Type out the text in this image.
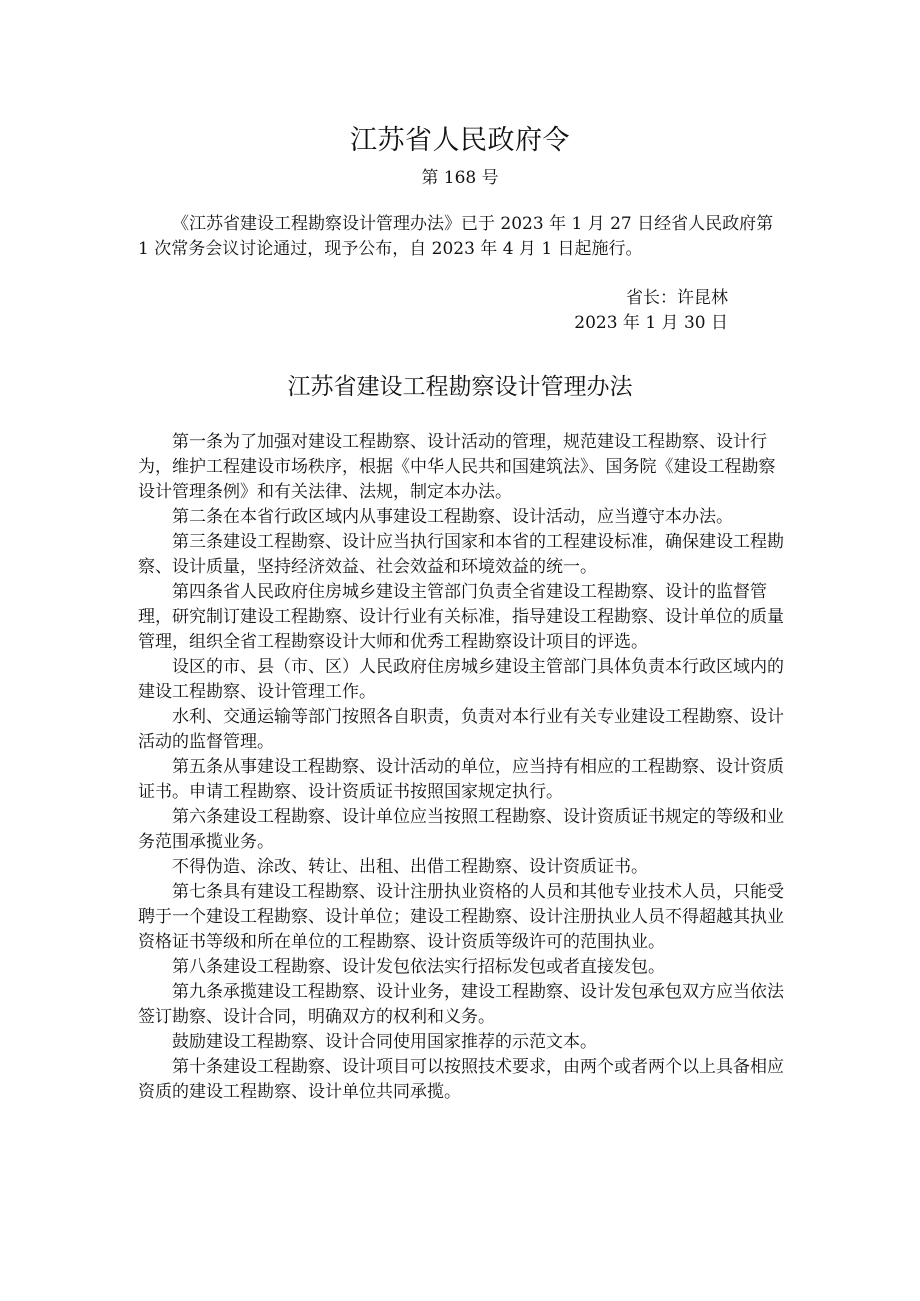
江苏省人民政府令
第 168 号

《江苏省建设工程勘察设计管理办法》已于 2023 年 1 月 27 日经省人民政府第 1 次常务会议讨论通过，现予公布，自 2023 年 4 月 1 日起施行。

省长：许昆林
2023 年 1 月 30 日
江苏省建设工程勘察设计管理办法

第一条为了加强对建设工程勘察、设计活动的管理，规范建设工程勘察、设计行为，维护工程建设市场秩序，根据《中华人民共和国建筑法》、国务院《建设工程勘察设计管理条例》和有关法律、法规，制定本办法。

第二条在本省行政区域内从事建设工程勘察、设计活动，应当遵守本办法。

第三条建设工程勘察、设计应当执行国家和本省的工程建设标准，确保建设工程勘察、设计质量，坚持经济效益、社会效益和环境效益的统一。

第四条省人民政府住房城乡建设主管部门负责全省建设工程勘察、设计的监督管理，研究制订建设工程勘察、设计行业有关标准，指导建设工程勘察、设计单位的质量管理，组织全省工程勘察设计大师和优秀工程勘察设计项目的评选。

设区的市、县（市、区）人民政府住房城乡建设主管部门具体负责本行政区域内的建设工程勘察、设计管理工作。

水利、交通运输等部门按照各自职责，负责对本行业有关专业建设工程勘察、设计活动的监督管理。

第五条从事建设工程勘察、设计活动的单位，应当持有相应的工程勘察、设计资质证书。申请工程勘察、设计资质证书按照国家规定执行。

第六条建设工程勘察、设计单位应当按照工程勘察、设计资质证书规定的等级和业务范围承揽业务。

不得伪造、涂改、转让、出租、出借工程勘察、设计资质证书。

第七条具有建设工程勘察、设计注册执业资格的人员和其他专业技术人员，只能受聘于一个建设工程勘察、设计单位；建设工程勘察、设计注册执业人员不得超越其执业资格证书等级和所在单位的工程勘察、设计资质等级许可的范围执业。

第八条建设工程勘察、设计发包依法实行招标发包或者直接发包。

第九条承揽建设工程勘察、设计业务，建设工程勘察、设计发包承包双方应当依法签订勘察、设计合同，明确双方的权利和义务。

鼓励建设工程勘察、设计合同使用国家推荐的示范文本。

第十条建设工程勘察、设计项目可以按照技术要求，由两个或者两个以上具备相应资质的建设工程勘察、设计单位共同承揽。
